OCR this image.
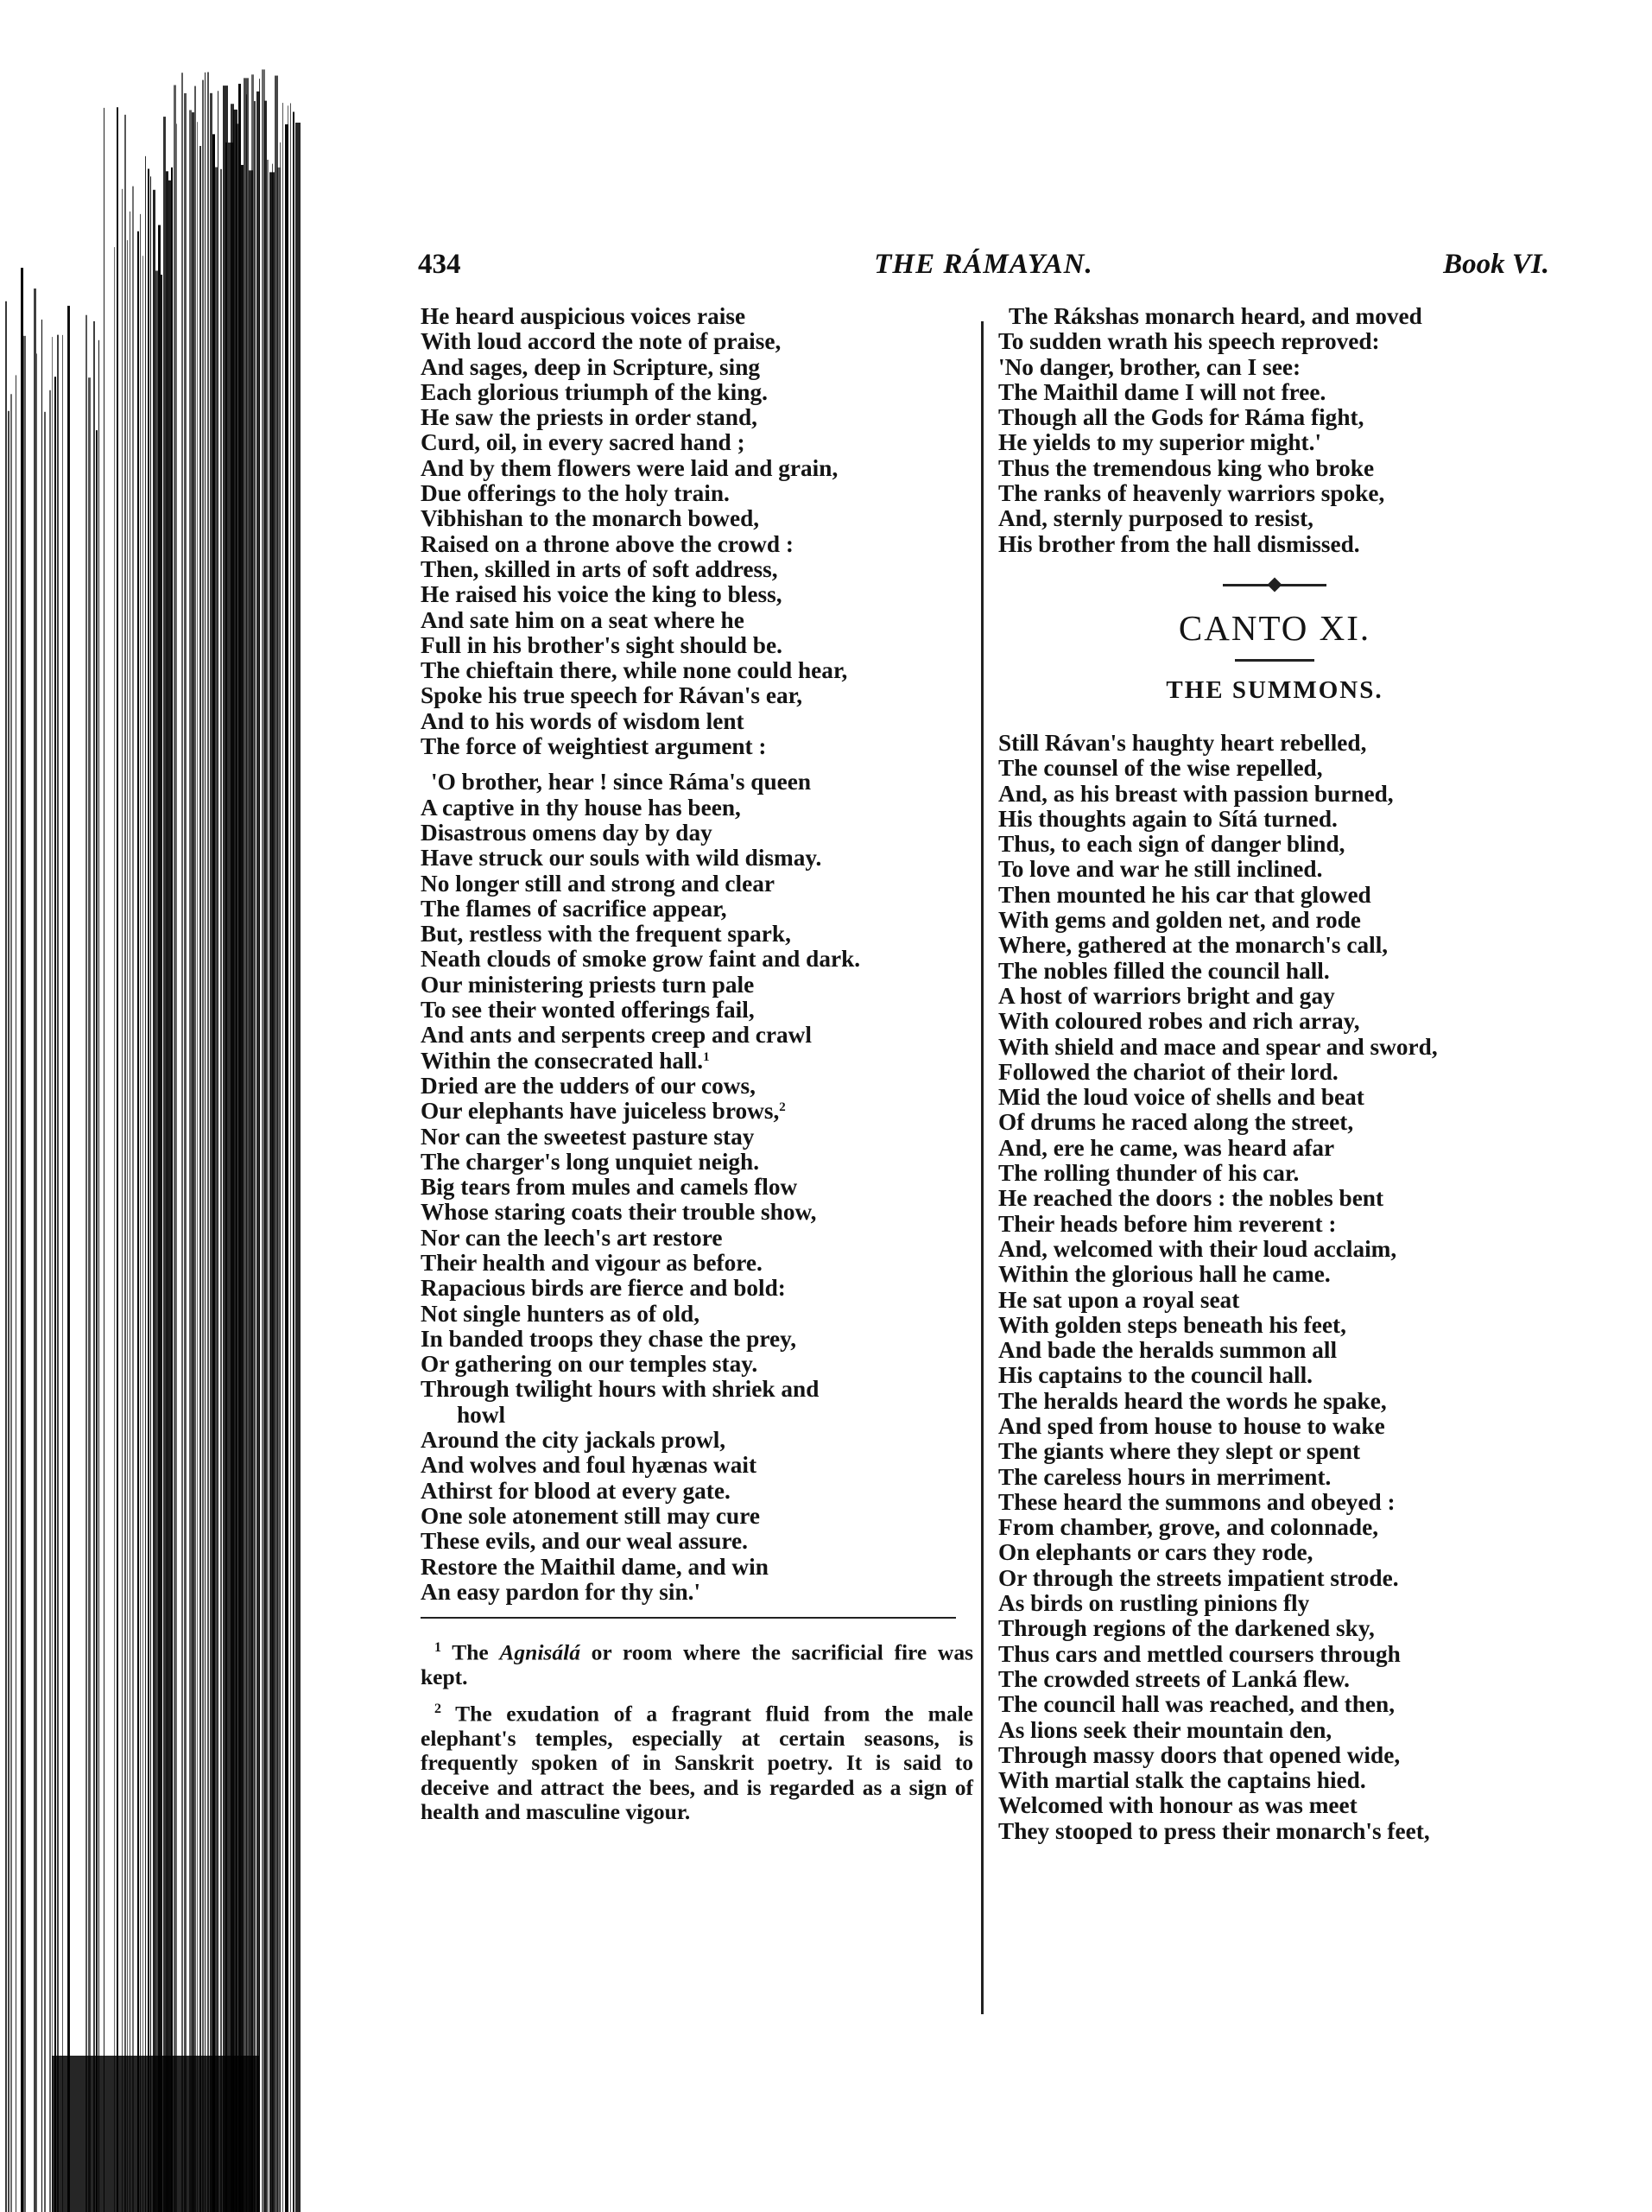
434	THE RÁMAYAN.	Book VI.
He heard auspicious voices raise
With loud accord the note of praise,
And sages, deep in Scripture, sing
Each glorious triumph of the king.
He saw the priests in order stand,
Curd, oil, in every sacred hand ;
And by them flowers were laid and grain,
Due offerings to the holy train.
Vibhishan to the monarch bowed,
Raised on a throne above the crowd :
Then, skilled in arts of soft address,
He raised his voice the king to bless,
And sate him on a seat where he
Full in his brother's sight should be.
The chieftain there, while none could hear,
Spoke his true speech for Rávan's ear,
And to his words of wisdom lent
The force of weightiest argument :
'O brother, hear ! since Ráma's queen
A captive in thy house has been,
Disastrous omens day by day
Have struck our souls with wild dismay.
No longer still and strong and clear
The flames of sacrifice appear,
But, restless with the frequent spark,
Neath clouds of smoke grow faint and dark.
Our ministering priests turn pale
To see their wonted offerings fail,
And ants and serpents creep and crawl
Within the consecrated hall.$^1$
Dried are the udders of our cows,
Our elephants have juiceless brows,$^2$
Nor can the sweetest pasture stay
The charger's long unquiet neigh.
Big tears from mules and camels flow
Whose staring coats their trouble show,
Nor can the leech's art restore
Their health and vigour as before.
Rapacious birds are fierce and bold:
Not single hunters as of old,
In banded troops they chase the prey,
Or gathering on our temples stay.
Through twilight hours with shriek and
howl
Around the city jackals prowl,
And wolves and foul hyænas wait
Athirst for blood at every gate.
One sole atonement still may cure
These evils, and our weal assure.
Restore the Maithil dame, and win
An easy pardon for thy sin.'
$^1$ The Agnisálá or room where the sacrificial fire was kept.
$^2$ The exudation of a fragrant fluid from the male elephant's temples, especially at certain seasons, is frequently spoken of in Sanskrit poetry. It is said to deceive and attract the bees, and is regarded as a sign of health and masculine vigour.
The Rákshas monarch heard, and moved
To sudden wrath his speech reproved:
'No danger, brother, can I see:
The Maithil dame I will not free.
Though all the Gods for Ráma fight,
He yields to my superior might.'
Thus the tremendous king who broke
The ranks of heavenly warriors spoke,
And, sternly purposed to resist,
His brother from the hall dismissed.
CANTO XI.
THE SUMMONS.
Still Rávan's haughty heart rebelled,
The counsel of the wise repelled,
And, as his breast with passion burned,
His thoughts again to Sítá turned.
Thus, to each sign of danger blind,
To love and war he still inclined.
Then mounted he his car that glowed
With gems and golden net, and rode
Where, gathered at the monarch's call,
The nobles filled the council hall.
A host of warriors bright and gay
With coloured robes and rich array,
With shield and mace and spear and sword,
Followed the chariot of their lord.
Mid the loud voice of shells and beat
Of drums he raced along the street,
And, ere he came, was heard afar
The rolling thunder of his car.
He reached the doors : the nobles bent
Their heads before him reverent :
And, welcomed with their loud acclaim,
Within the glorious hall he came.
He sat upon a royal seat
With golden steps beneath his feet,
And bade the heralds summon all
His captains to the council hall.
The heralds heard the words he spake,
And sped from house to house to wake
The giants where they slept or spent
The careless hours in merriment.
These heard the summons and obeyed :
From chamber, grove, and colonnade,
On elephants or cars they rode,
Or through the streets impatient strode.
As birds on rustling pinions fly
Through regions of the darkened sky,
Thus cars and mettled coursers through
The crowded streets of Lanká flew.
The council hall was reached, and then,
As lions seek their mountain den,
Through massy doors that opened wide,
With martial stalk the captains hied.
Welcomed with honour as was meet
They stooped to press their monarch's feet,
